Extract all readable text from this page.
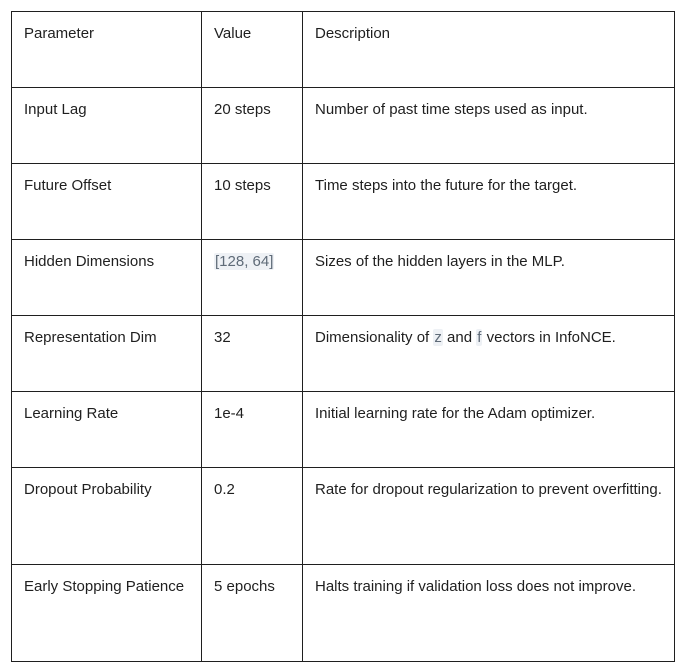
Parameter	Value	Description
Input Lag	20 steps	Number of past time steps used as input.
Future Offset	10 steps	Time steps into the future for the target.
Hidden Dimensions	[128, 64]	Sizes of the hidden layers in the MLP.
Representation Dim	32	Dimensionality of z and f vectors in InfoNCE.
Learning Rate	1e-4	Initial learning rate for the Adam optimizer.
Dropout Probability	0.2	Rate for dropout regularization to prevent overfitting.
Early Stopping Patience	5 epochs	Halts training if validation loss does not improve.
